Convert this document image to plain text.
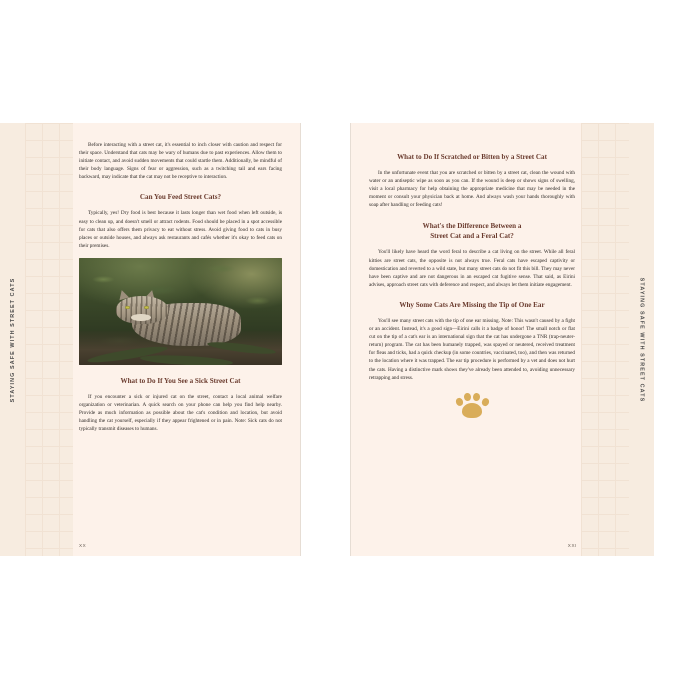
STAYING SAFE WITH STREET CATS

Before interacting with a street cat, it's essential to inch closer with caution and respect for their space. Understand that cats may be wary of humans due to past experiences. Allow them to initiate contact, and avoid sudden movements that could startle them. Additionally, be mindful of their body language. Signs of fear or aggression, such as a twitching tail and ears facing backward, may indicate that the cat may not be receptive to interaction.

Can You Feed Street Cats?

Typically, yes! Dry food is best because it lasts longer than wet food when left outside, is easy to clean up, and doesn't smell or attract rodents. Food should be placed in a spot accessible for cats that also offers them privacy to eat without stress. Avoid giving food to cats in busy places or outside houses, and always ask restaurants and cafés whether it's okay to feed cats on their premises.

What to Do If You See a Sick Street Cat

If you encounter a sick or injured cat on the street, contact a local animal welfare organization or veterinarian. A quick search on your phone can help you find help nearby. Provide as much information as possible about the cat's condition and location, but avoid handling the cat yourself, especially if they appear frightened or in pain. Note: Sick cats do not typically transmit diseases to humans.

XX
What to Do If Scratched or Bitten by a Street Cat

In the unfortunate event that you are scratched or bitten by a street cat, clean the wound with water or an antiseptic wipe as soon as you can. If the wound is deep or shows signs of swelling, visit a local pharmacy for help obtaining the appropriate medicine that may be needed in the moment or consult your physician back at home. And always wash your hands thoroughly with soap after handling or feeding cats!

What's the Difference Between a
Street Cat and a Feral Cat?

You'll likely have heard the word feral to describe a cat living on the street. While all feral kitties are street cats, the opposite is not always true. Feral cats have escaped captivity or domestication and reverted to a wild state, but many street cats do not fit this bill. They may never have been captive and are not dangerous in an escaped cat fugitive sense. That said, as Eirini advises, approach street cats with deference and respect, and always let them initiate engagement.

Why Some Cats Are Missing the Tip of One Ear

You'll see many street cats with the tip of one ear missing. Note: This wasn't caused by a fight or an accident. Instead, it's a good sign—Eirini calls it a badge of honor! The small notch or flat cut on the tip of a cat's ear is an international sign that the cat has undergone a TNR (trap-neuter-return) program. The cat has been humanely trapped, was spayed or neutered, received treatment for fleas and ticks, had a quick checkup (in some countries, vaccinated, too), and then was returned to the location where it was trapped. The ear tip procedure is performed by a vet and does not hurt the cats. Having a distinctive mark shows they've already been attended to, avoiding unnecessary retrapping and stress.

XXI
STAYING SAFE WITH STREET CATS
